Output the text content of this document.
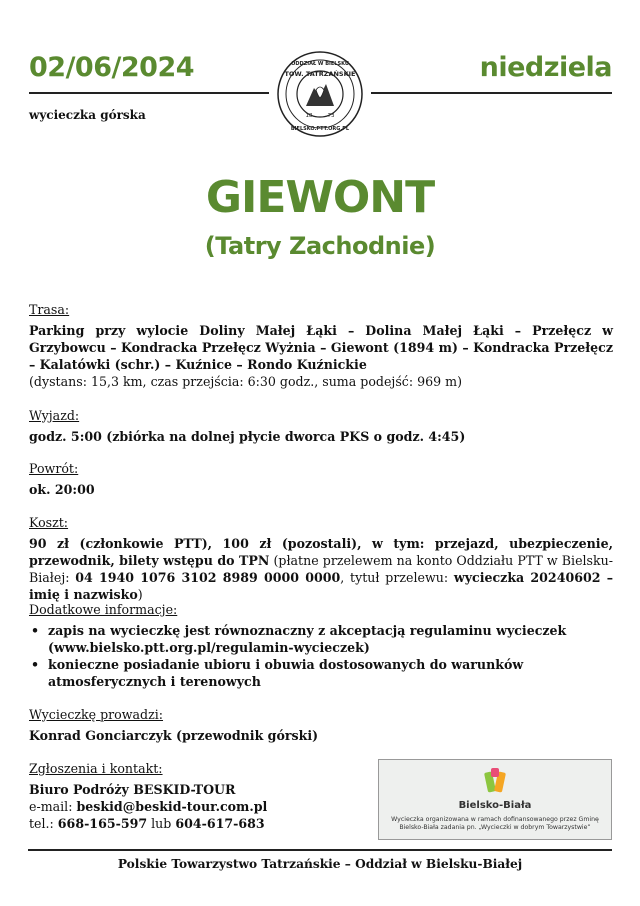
02/06/2024	niedziela
wycieczka górska
ODDZIAŁ W BIELSKU
TOW. TATRZAŃSKIE
BIELSKO.PTT.ORG.PL
18	73
GIEWONT
(Tatry Zachodnie)
Trasa:
Parking przy wylocie Doliny Małej Łąki – Dolina Małej Łąki – Przełęcz w Grzybowcu – Kondracka Przełęcz Wyżnia – Giewont (1894 m) – Kondracka Przełęcz – Kalatówki (schr.) – Kuźnice – Rondo Kuźnickie
(dystans: 15,3 km, czas przejścia: 6:30 godz., suma podejść: 969 m)
Wyjazd:
godz. 5:00 (zbiórka na dolnej płycie dworca PKS o godz. 4:45)
Powrót:
ok. 20:00
Koszt:
90 zł (członkowie PTT), 100 zł (pozostali), w tym: przejazd, ubezpieczenie, przewodnik, bilety wstępu do TPN (płatne przelewem na konto Oddziału PTT w Bielsku-Białej: 04 1940 1076 3102 8989 0000 0000, tytuł przelewu: wycieczka 20240602 – imię i nazwisko)
Dodatkowe informacje:
• zapis na wycieczkę jest równoznaczny z akceptacją regulaminu wycieczek (www.bielsko.ptt.org.pl/regulamin-wycieczek)
• konieczne posiadanie ubioru i obuwia dostosowanych do warunków atmosferycznych i terenowych
Wycieczkę prowadzi:
Konrad Gonciarczyk (przewodnik górski)
Zgłoszenia i kontakt:
Biuro Podróży BESKID-TOUR
e-mail: beskid@beskid-tour.com.pl
tel.: 668-165-597 lub 604-617-683
Bielsko-Biała
Wycieczka organizowana w ramach dofinansowanego przez Gminę Bielsko-Biała zadania pn. „Wycieczki w dobrym Towarzystwie”
Polskie Towarzystwo Tatrzańskie – Oddział w Bielsku-Białej
